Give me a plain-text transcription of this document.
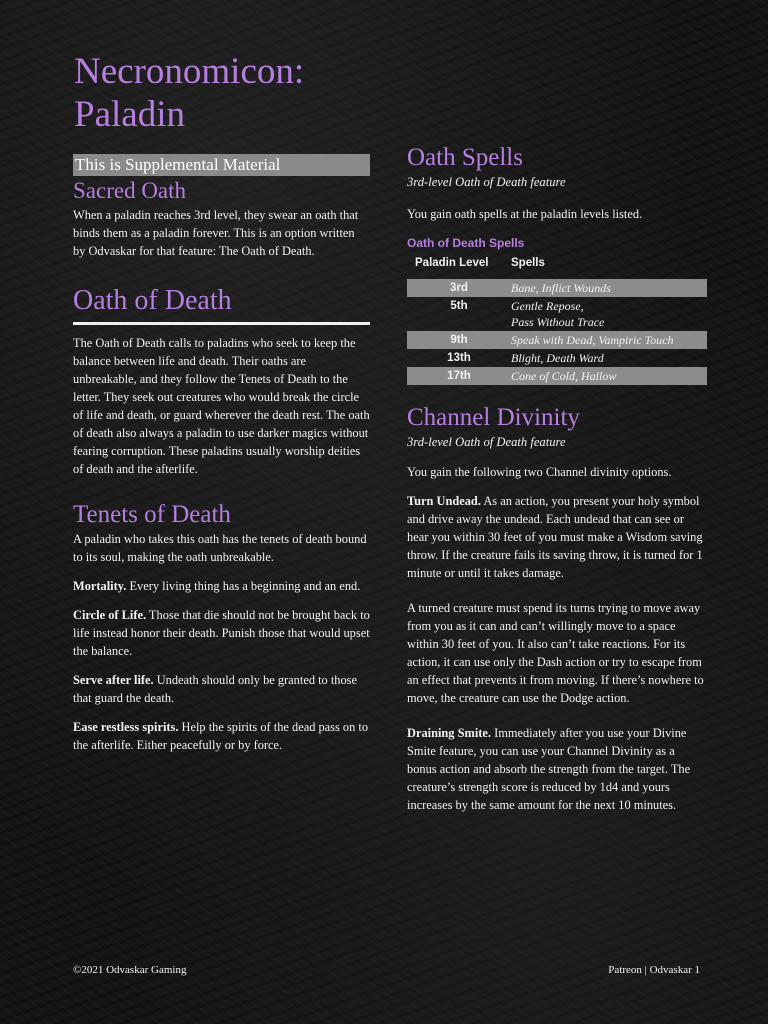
Necronomicon:
Paladin
This is Supplemental Material
Sacred Oath

When a paladin reaches 3rd level, they swear an oath that binds them as a paladin forever. This is an option written by Odvaskar for that feature: The Oath of Death.

Oath of Death

The Oath of Death calls to paladins who seek to keep the balance between life and death. Their oaths are unbreakable, and they follow the Tenets of Death to the letter. They seek out creatures who would break the circle of life and death, or guard wherever the death rest. The oath of death also always a paladin to use darker magics without fearing corruption. These paladins usually worship deities of death and the afterlife.

Tenets of Death

A paladin who takes this oath has the tenets of death bound to its soul, making the oath unbreakable.

Mortality. Every living thing has a beginning and an end.

Circle of Life. Those that die should not be brought back to life instead honor their death. Punish those that would upset the balance.

Serve after life. Undeath should only be granted to those that guard the death.

Ease restless spirits. Help the spirits of the dead pass on to the afterlife. Either peacefully or by force.

Oath Spells

3rd-level Oath of Death feature

You gain oath spells at the paladin levels listed.

Oath of Death Spells
Paladin Level	Spells
3rd	Bane, Inflict Wounds
5th	Gentle Repose,
Pass Without Trace
9th	Speak with Dead, Vampiric Touch
13th	Blight, Death Ward
17th	Cone of Cold, Hallow
Channel Divinity

3rd-level Oath of Death feature

You gain the following two Channel divinity options.

Turn Undead. As an action, you present your holy symbol and drive away the undead. Each undead that can see or hear you within 30 feet of you must make a Wisdom saving throw. If the creature fails its saving throw, it is turned for 1 minute or until it takes damage.

A turned creature must spend its turns trying to move away from you as it can and can’t willingly move to a space within 30 feet of you. It also can’t take reactions. For its action, it can use only the Dash action or try to escape from an effect that prevents it from moving. If there’s nowhere to move, the creature can use the Dodge action.

Draining Smite. Immediately after you use your Divine Smite feature, you can use your Channel Divinity as a bonus action and absorb the strength from the target. The creature’s strength score is reduced by 1d4 and yours increases by the same amount for the next 10 minutes.

©2021 Odvaskar Gaming	Patreon | Odvaskar 1
